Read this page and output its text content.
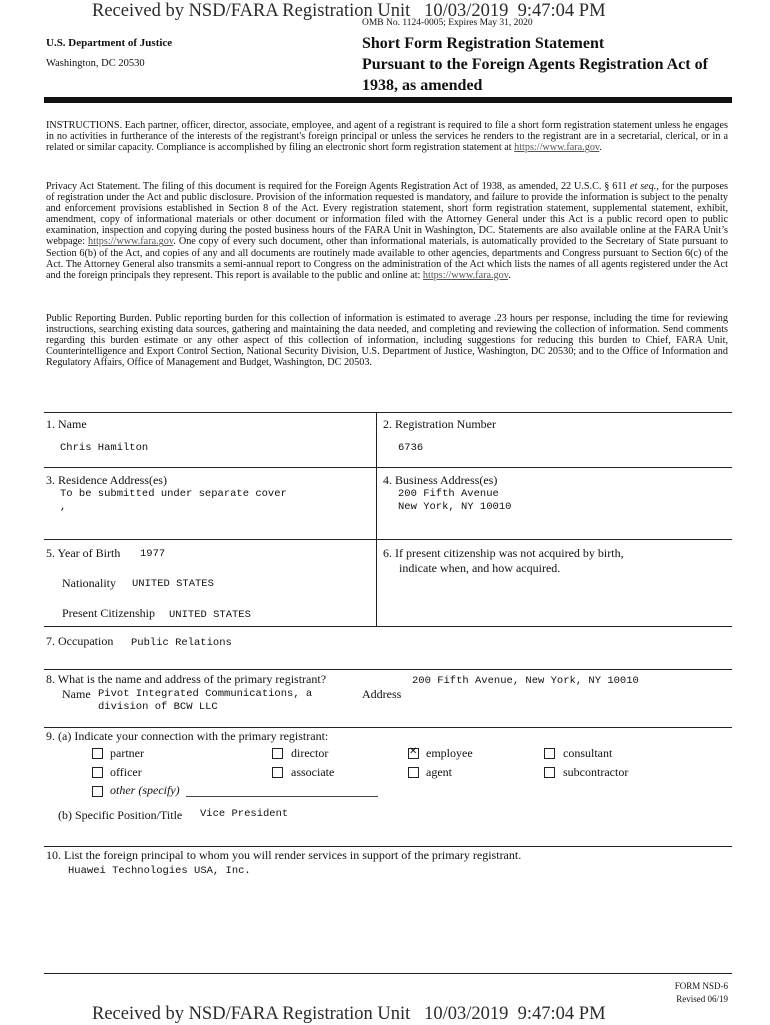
Received by NSD/FARA Registration Unit 10/03/2019 9:47:04 PM
OMB No. 1124-0005; Expires May 31, 2020
U.S. Department of Justice
Washington, DC 20530
Short Form Registration Statement
Pursuant to the Foreign Agents Registration Act of
1938, as amended

INSTRUCTIONS. Each partner, officer, director, associate, employee, and agent of a registrant is required to file a short form registration statement unless he engages in no activities in furtherance of the interests of the registrant's foreign principal or unless the services he renders to the registrant are in a secretarial, clerical, or in a related or similar capacity. Compliance is accomplished by filing an electronic short form registration statement at https://www.fara.gov.

Privacy Act Statement. The filing of this document is required for the Foreign Agents Registration Act of 1938, as amended, 22 U.S.C. § 611 et seq., for the purposes of registration under the Act and public disclosure. Provision of the information requested is mandatory, and failure to provide the information is subject to the penalty and enforcement provisions established in Section 8 of the Act. Every registration statement, short form registration statement, supplemental statement, exhibit, amendment, copy of informational materials or other document or information filed with the Attorney General under this Act is a public record open to public examination, inspection and copying during the posted business hours of the FARA Unit in Washington, DC. Statements are also available online at the FARA Unit’s webpage: https://www.fara.gov. One copy of every such document, other than informational materials, is automatically provided to the Secretary of State pursuant to Section 6(b) of the Act, and copies of any and all documents are routinely made available to other agencies, departments and Congress pursuant to Section 6(c) of the Act. The Attorney General also transmits a semi-annual report to Congress on the administration of the Act which lists the names of all agents registered under the Act and the foreign principals they represent. This report is available to the public and online at: https://www.fara.gov.

Public Reporting Burden. Public reporting burden for this collection of information is estimated to average .23 hours per response, including the time for reviewing instructions, searching existing data sources, gathering and maintaining the data needed, and completing and reviewing the collection of information. Send comments regarding this burden estimate or any other aspect of this collection of information, including suggestions for reducing this burden to Chief, FARA Unit, Counterintelligence and Export Control Section, National Security Division, U.S. Department of Justice, Washington, DC 20530; and to the Office of Information and Regulatory Affairs, Office of Management and Budget, Washington, DC 20503.

1. Name
Chris Hamilton
2. Registration Number
6736
3. Residence Address(es)
To be submitted under separate cover
,
4. Business Address(es)
200 Fifth Avenue
New York, NY 10010
5. Year of Birth 1977
Nationality UNITED STATES
Present Citizenship UNITED STATES
6. If present citizenship was not acquired by birth,
indicate when, and how acquired.
7. Occupation Public Relations
8. What is the name and address of the primary registrant?
Name Pivot Integrated Communications, a
division of BCW LLC
Address
200 Fifth Avenue, New York, NY 10010
9. (a) Indicate your connection with the primary registrant:
partner	director
✕	employee	consultant
officer	associate	agent	subcontractor
other (specify)
(b) Specific Position/Title Vice President
10. List the foreign principal to whom you will render services in support of the primary registrant.
Huawei Technologies USA, Inc.
FORM NSD-6
Revised 06/19
Received by NSD/FARA Registration Unit 10/03/2019 9:47:04 PM
